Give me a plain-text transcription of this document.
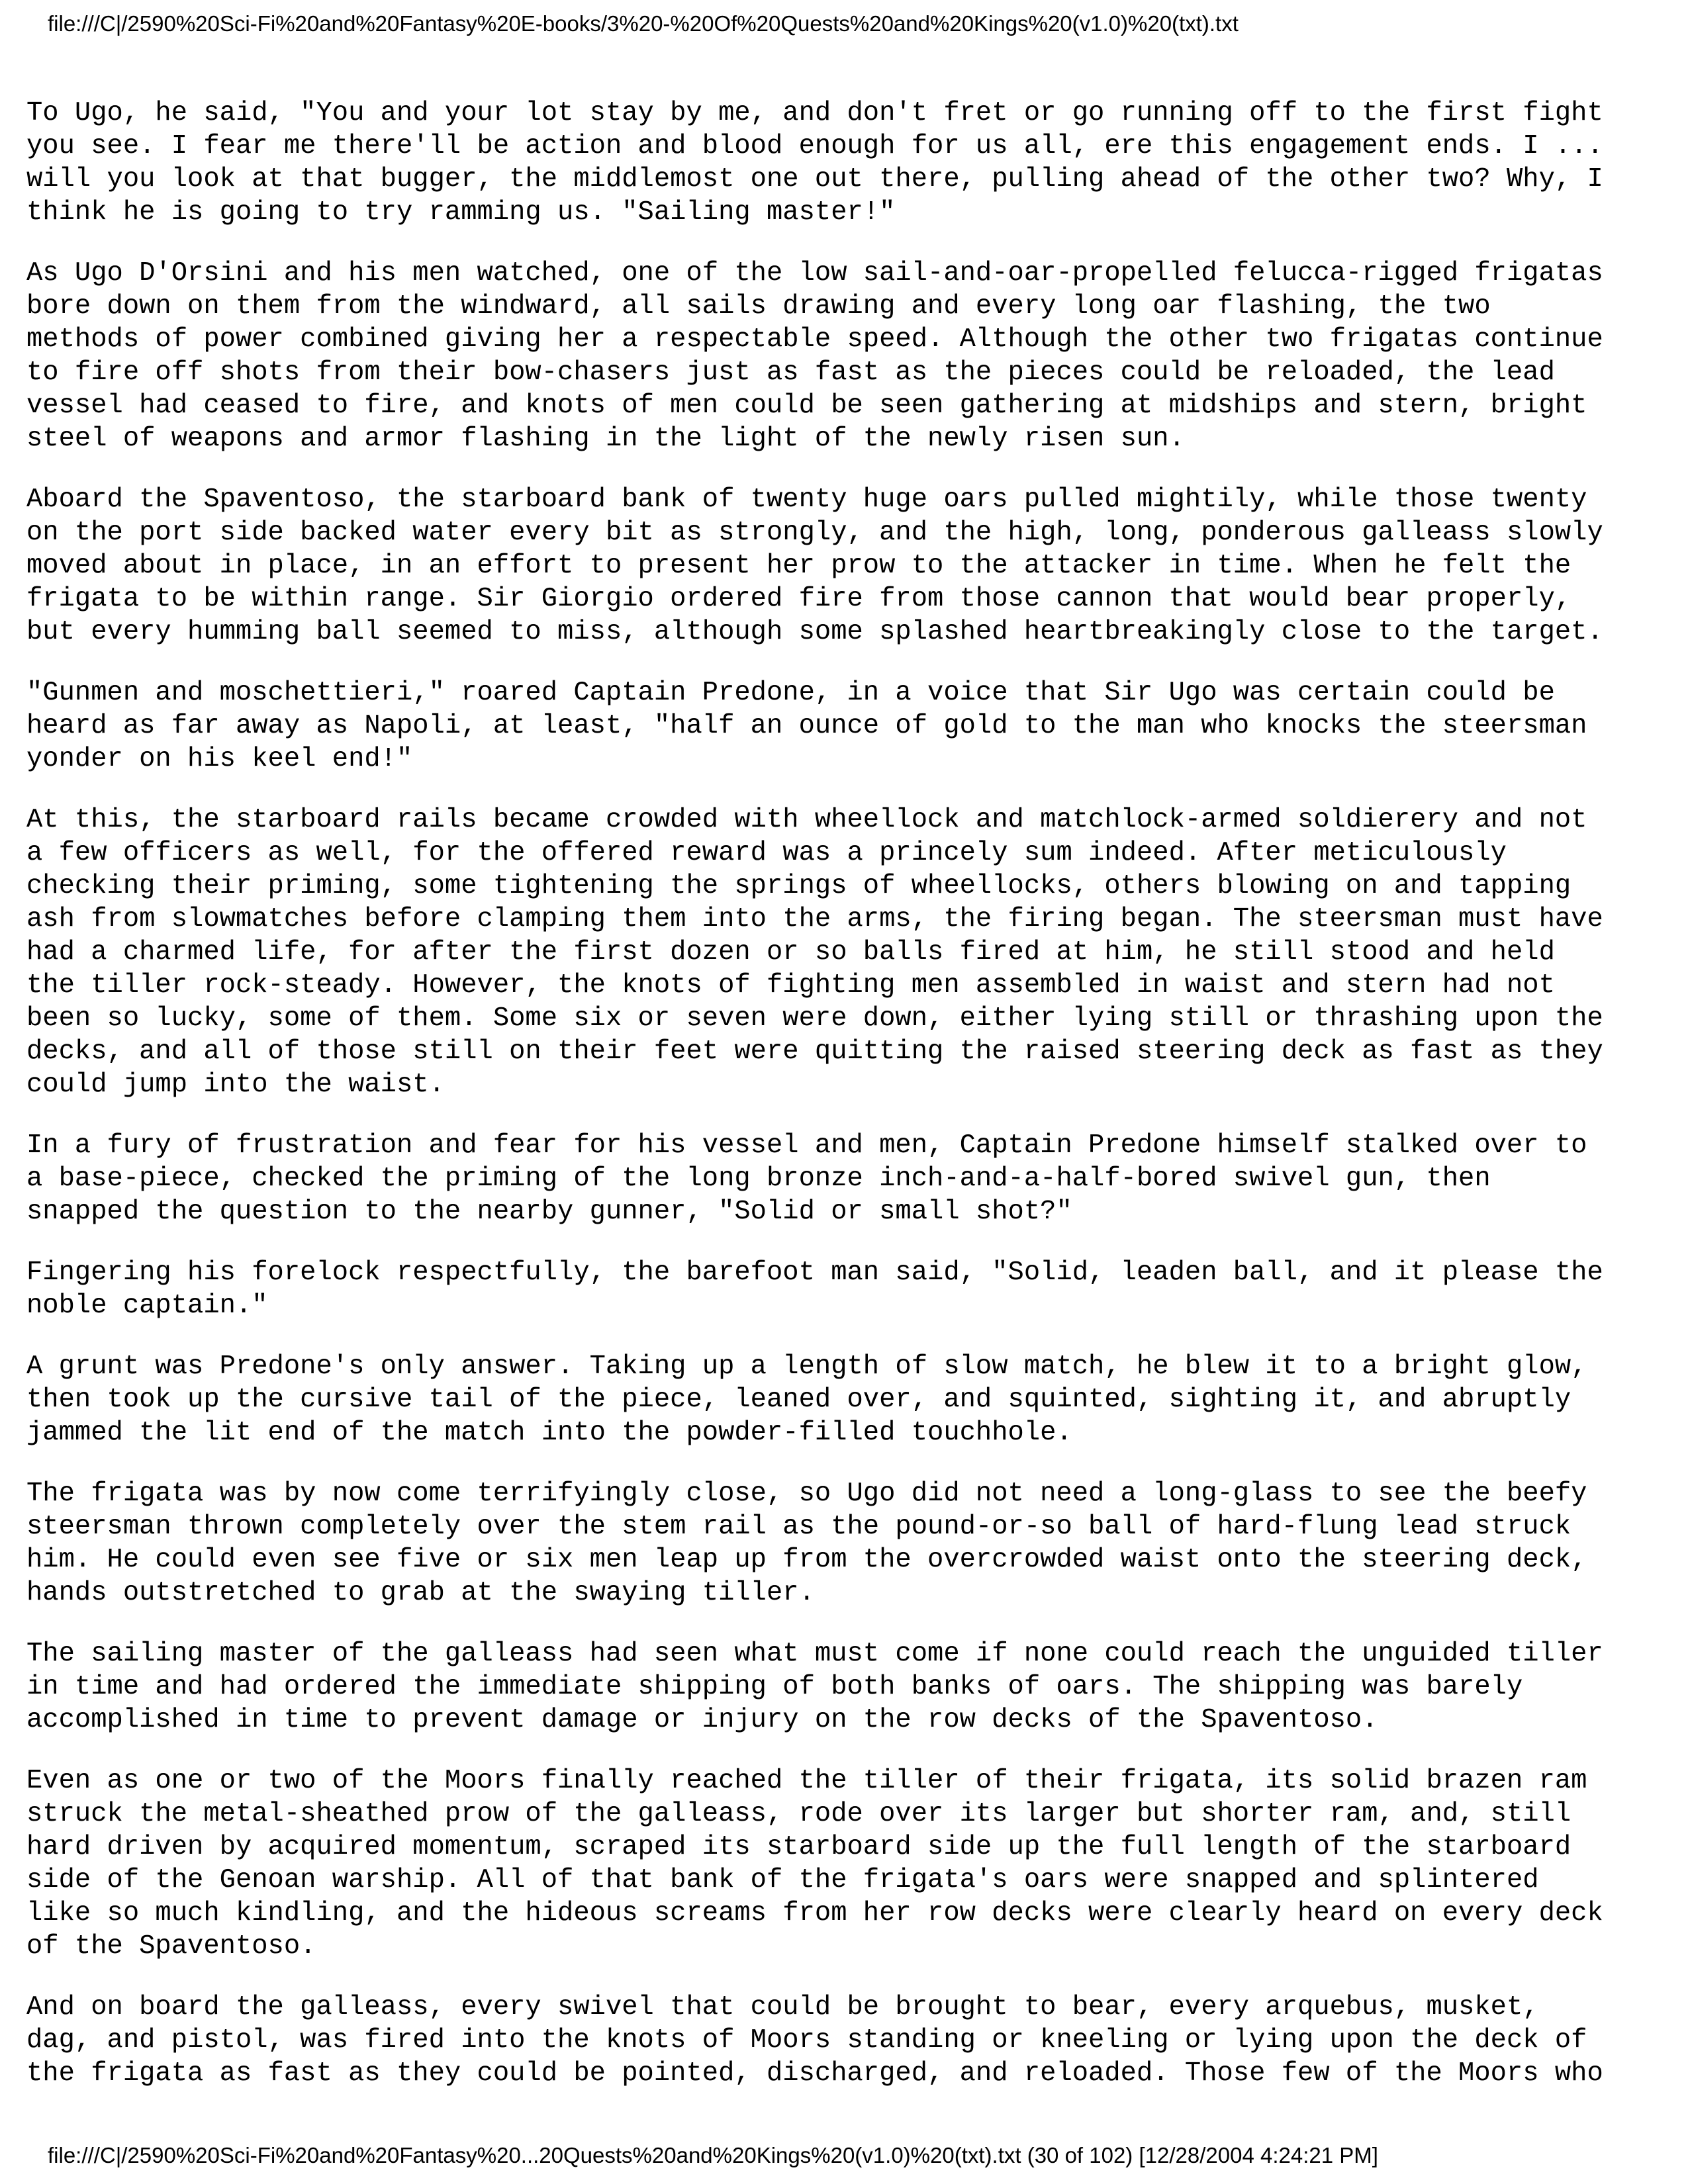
file:///C|/2590%20Sci-Fi%20and%20Fantasy%20E-books/3%20-%20Of%20Quests%20and%20Kings%20(v1.0)%20(txt).txt

To Ugo, he said, "You and your lot stay by me, and don't fret or go running off to the first fight
you see. I fear me there'll be action and blood enough for us all, ere this engagement ends. I ...
will you look at that bugger, the middlemost one out there, pulling ahead of the other two? Why, I
think he is going to try ramming us. "Sailing master!"

As Ugo D'Orsini and his men watched, one of the low sail-and-oar-propelled felucca-rigged frigatas
bore down on them from the windward, all sails drawing and every long oar flashing, the two
methods of power combined giving her a respectable speed. Although the other two frigatas continue
to fire off shots from their bow-chasers just as fast as the pieces could be reloaded, the lead
vessel had ceased to fire, and knots of men could be seen gathering at midships and stern, bright
steel of weapons and armor flashing in the light of the newly risen sun.

Aboard the Spaventoso, the starboard bank of twenty huge oars pulled mightily, while those twenty
on the port side backed water every bit as strongly, and the high, long, ponderous galleass slowly
moved about in place, in an effort to present her prow to the attacker in time. When he felt the
frigata to be within range. Sir Giorgio ordered fire from those cannon that would bear properly,
but every humming ball seemed to miss, although some splashed heartbreakingly close to the target.

"Gunmen and moschettieri," roared Captain Predone, in a voice that Sir Ugo was certain could be
heard as far away as Napoli, at least, "half an ounce of gold to the man who knocks the steersman
yonder on his keel end!"

At this, the starboard rails became crowded with wheellock and matchlock-armed soldierery and not
a few officers as well, for the offered reward was a princely sum indeed. After meticulously
checking their priming, some tightening the springs of wheellocks, others blowing on and tapping
ash from slowmatches before clamping them into the arms, the firing began. The steersman must have
had a charmed life, for after the first dozen or so balls fired at him, he still stood and held
the tiller rock-steady. However, the knots of fighting men assembled in waist and stern had not
been so lucky, some of them. Some six or seven were down, either lying still or thrashing upon the
decks, and all of those still on their feet were quitting the raised steering deck as fast as they
could jump into the waist.

In a fury of frustration and fear for his vessel and men, Captain Predone himself stalked over to
a base-piece, checked the priming of the long bronze inch-and-a-half-bored swivel gun, then
snapped the question to the nearby gunner, "Solid or small shot?"

Fingering his forelock respectfully, the barefoot man said, "Solid, leaden ball, and it please the
noble captain."

A grunt was Predone's only answer. Taking up a length of slow match, he blew it to a bright glow,
then took up the cursive tail of the piece, leaned over, and squinted, sighting it, and abruptly
jammed the lit end of the match into the powder-filled touchhole.

The frigata was by now come terrifyingly close, so Ugo did not need a long-glass to see the beefy
steersman thrown completely over the stem rail as the pound-or-so ball of hard-flung lead struck
him. He could even see five or six men leap up from the overcrowded waist onto the steering deck,
hands outstretched to grab at the swaying tiller.

The sailing master of the galleass had seen what must come if none could reach the unguided tiller
in time and had ordered the immediate shipping of both banks of oars. The shipping was barely
accomplished in time to prevent damage or injury on the row decks of the Spaventoso.

Even as one or two of the Moors finally reached the tiller of their frigata, its solid brazen ram
struck the metal-sheathed prow of the galleass, rode over its larger but shorter ram, and, still
hard driven by acquired momentum, scraped its starboard side up the full length of the starboard
side of the Genoan warship. All of that bank of the frigata's oars were snapped and splintered
like so much kindling, and the hideous screams from her row decks were clearly heard on every deck
of the Spaventoso.

And on board the galleass, every swivel that could be brought to bear, every arquebus, musket,
dag, and pistol, was fired into the knots of Moors standing or kneeling or lying upon the deck of
the frigata as fast as they could be pointed, discharged, and reloaded. Those few of the Moors who

file:///C|/2590%20Sci-Fi%20and%20Fantasy%20...20Quests%20and%20Kings%20(v1.0)%20(txt).txt (30 of 102) [12/28/2004 4:24:21 PM]
